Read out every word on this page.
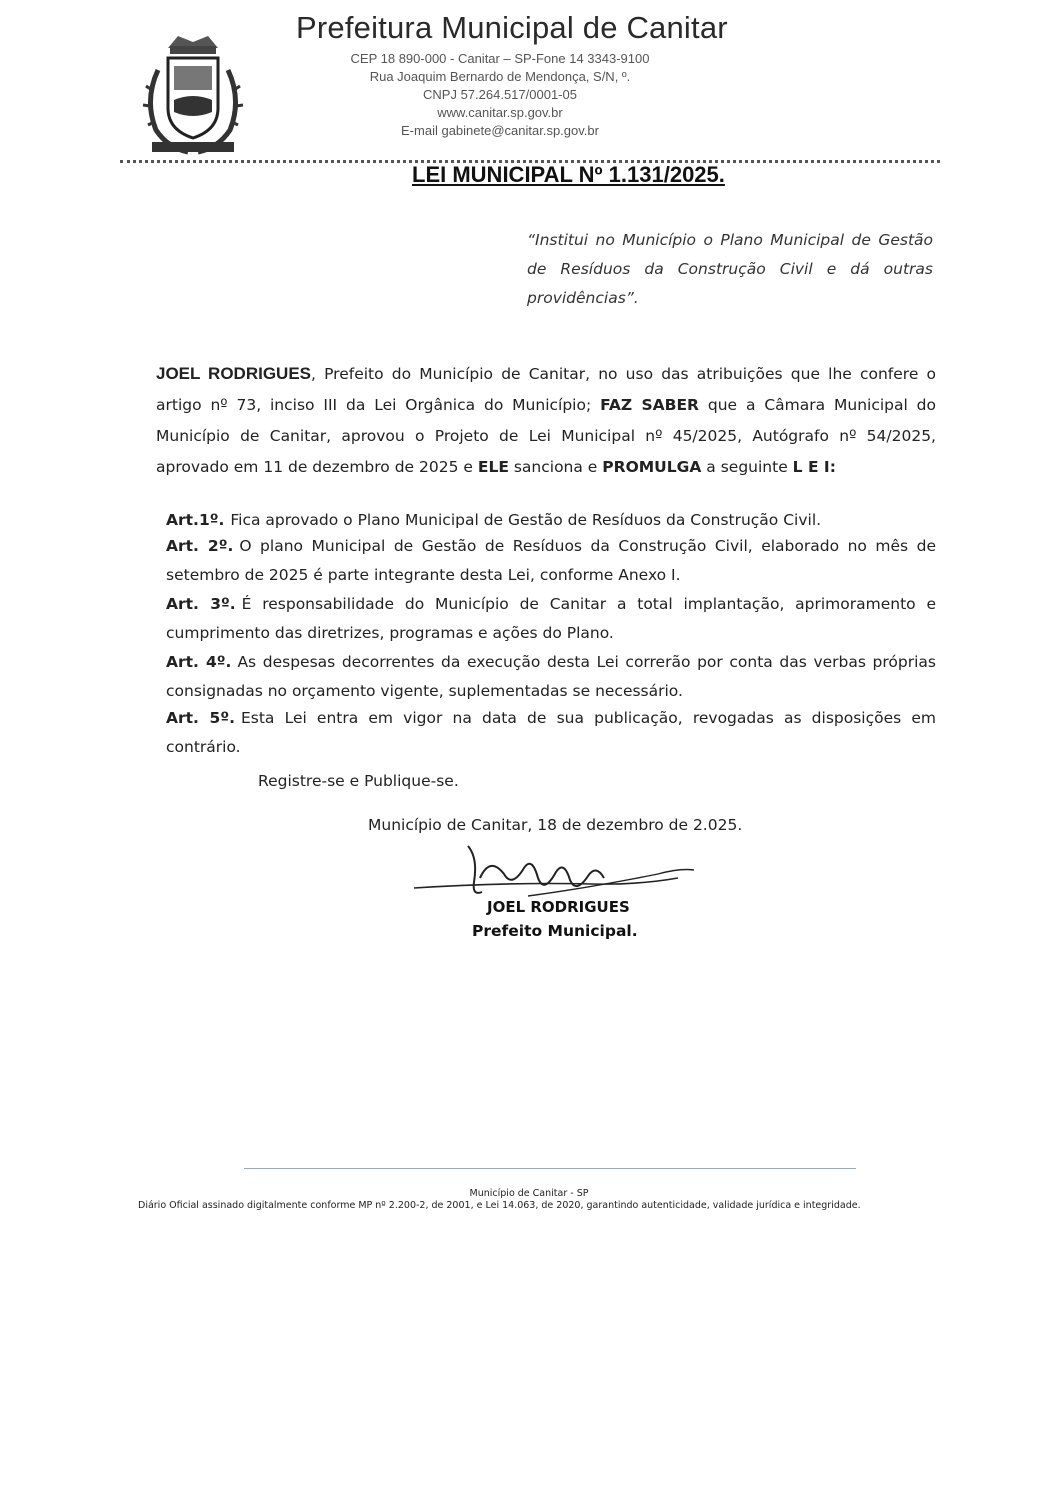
Prefeitura Municipal de Canitar
CEP 18 890-000 - Canitar – SP-Fone 14 3343-9100
Rua Joaquim Bernardo de Mendonça, S/N, º.
CNPJ 57.264.517/0001-05
www.canitar.sp.gov.br
E-mail gabinete@canitar.sp.gov.br
LEI MUNICIPAL Nº 1.131/2025.
“Institui no Município o Plano Municipal de Gestão de Resíduos da Construção Civil e dá outras providências”.
JOEL RODRIGUES, Prefeito do Município de Canitar, no uso das atribuições que lhe confere o artigo nº 73, inciso III da Lei Orgânica do Município; FAZ SABER que a Câmara Municipal do Município de Canitar, aprovou o Projeto de Lei Municipal nº 45/2025, Autógrafo nº 54/2025, aprovado em 11 de dezembro de 2025 e ELE sanciona e PROMULGA a seguinte L E I:
Art.1º. Fica aprovado o Plano Municipal de Gestão de Resíduos da Construção Civil.
Art. 2º. O plano Municipal de Gestão de Resíduos da Construção Civil, elaborado no mês de setembro de 2025 é parte integrante desta Lei, conforme Anexo I.
Art. 3º. É responsabilidade do Município de Canitar a total implantação, aprimoramento e cumprimento das diretrizes, programas e ações do Plano.
Art. 4º. As despesas decorrentes da execução desta Lei correrão por conta das verbas próprias consignadas no orçamento vigente, suplementadas se necessário.
Art. 5º. Esta Lei entra em vigor na data de sua publicação, revogadas as disposições em contrário.
Registre-se e Publique-se.
Município de Canitar, 18 de dezembro de 2.025.
JOEL RODRIGUES
Prefeito Municipal.
Município de Canitar - SP
Diário Oficial assinado digitalmente conforme MP nº 2.200-2, de 2001, e Lei 14.063, de 2020, garantindo autenticidade, validade jurídica e integridade.
